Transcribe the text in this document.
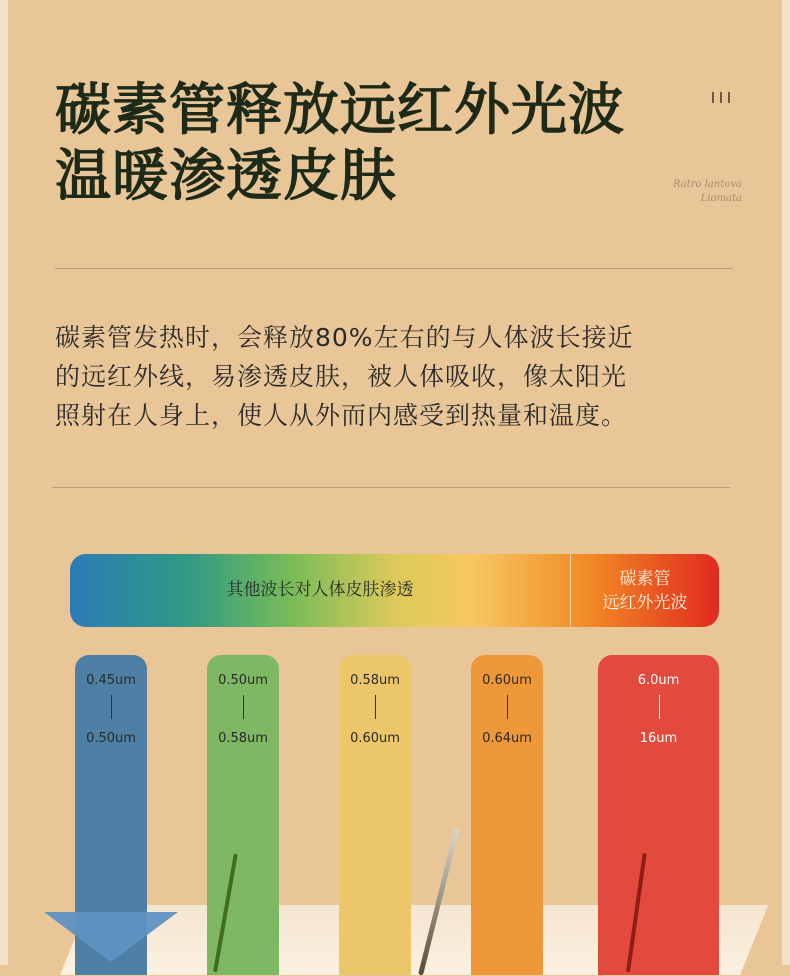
碳素管释放远红外光波
温暖渗透皮肤	Ratro lantova
Liomata
碳素管发热时，会释放80%左右的与人体波长接近
的远红外线，易渗透皮肤，被人体吸收，像太阳光
照射在人身上，使人从外而内感受到热量和温度。
其他波长对人体皮肤渗透
碳素管
远红外光波
0.45um
0.50um
0.50um
0.58um
0.58um
0.60um
0.60um
0.64um
6.0um
16um
